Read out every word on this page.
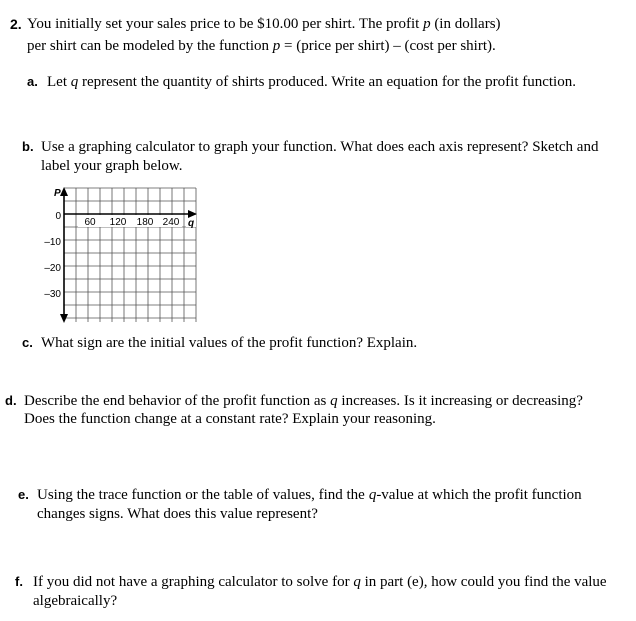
2. You initially set your sales price to be $10.00 per shirt. The profit p (in dollars)
per shirt can be modeled by the function p = (price per shirt) – (cost per shirt).
a. Let q represent the quantity of shirts produced. Write an equation for the profit function.
b. Use a graphing calculator to graph your function. What does each axis represent? Sketch and
label your graph below.
P
q
0
–10
–20
–30
60 120 180 240
c. What sign are the initial values of the profit function? Explain.
d. Describe the end behavior of the profit function as q increases. Is it increasing or decreasing?
Does the function change at a constant rate? Explain your reasoning.
e. Using the trace function or the table of values, find the q-value at which the profit function
changes signs. What does this value represent?
f. If you did not have a graphing calculator to solve for q in part (e), how could you find the value
algebraically?
